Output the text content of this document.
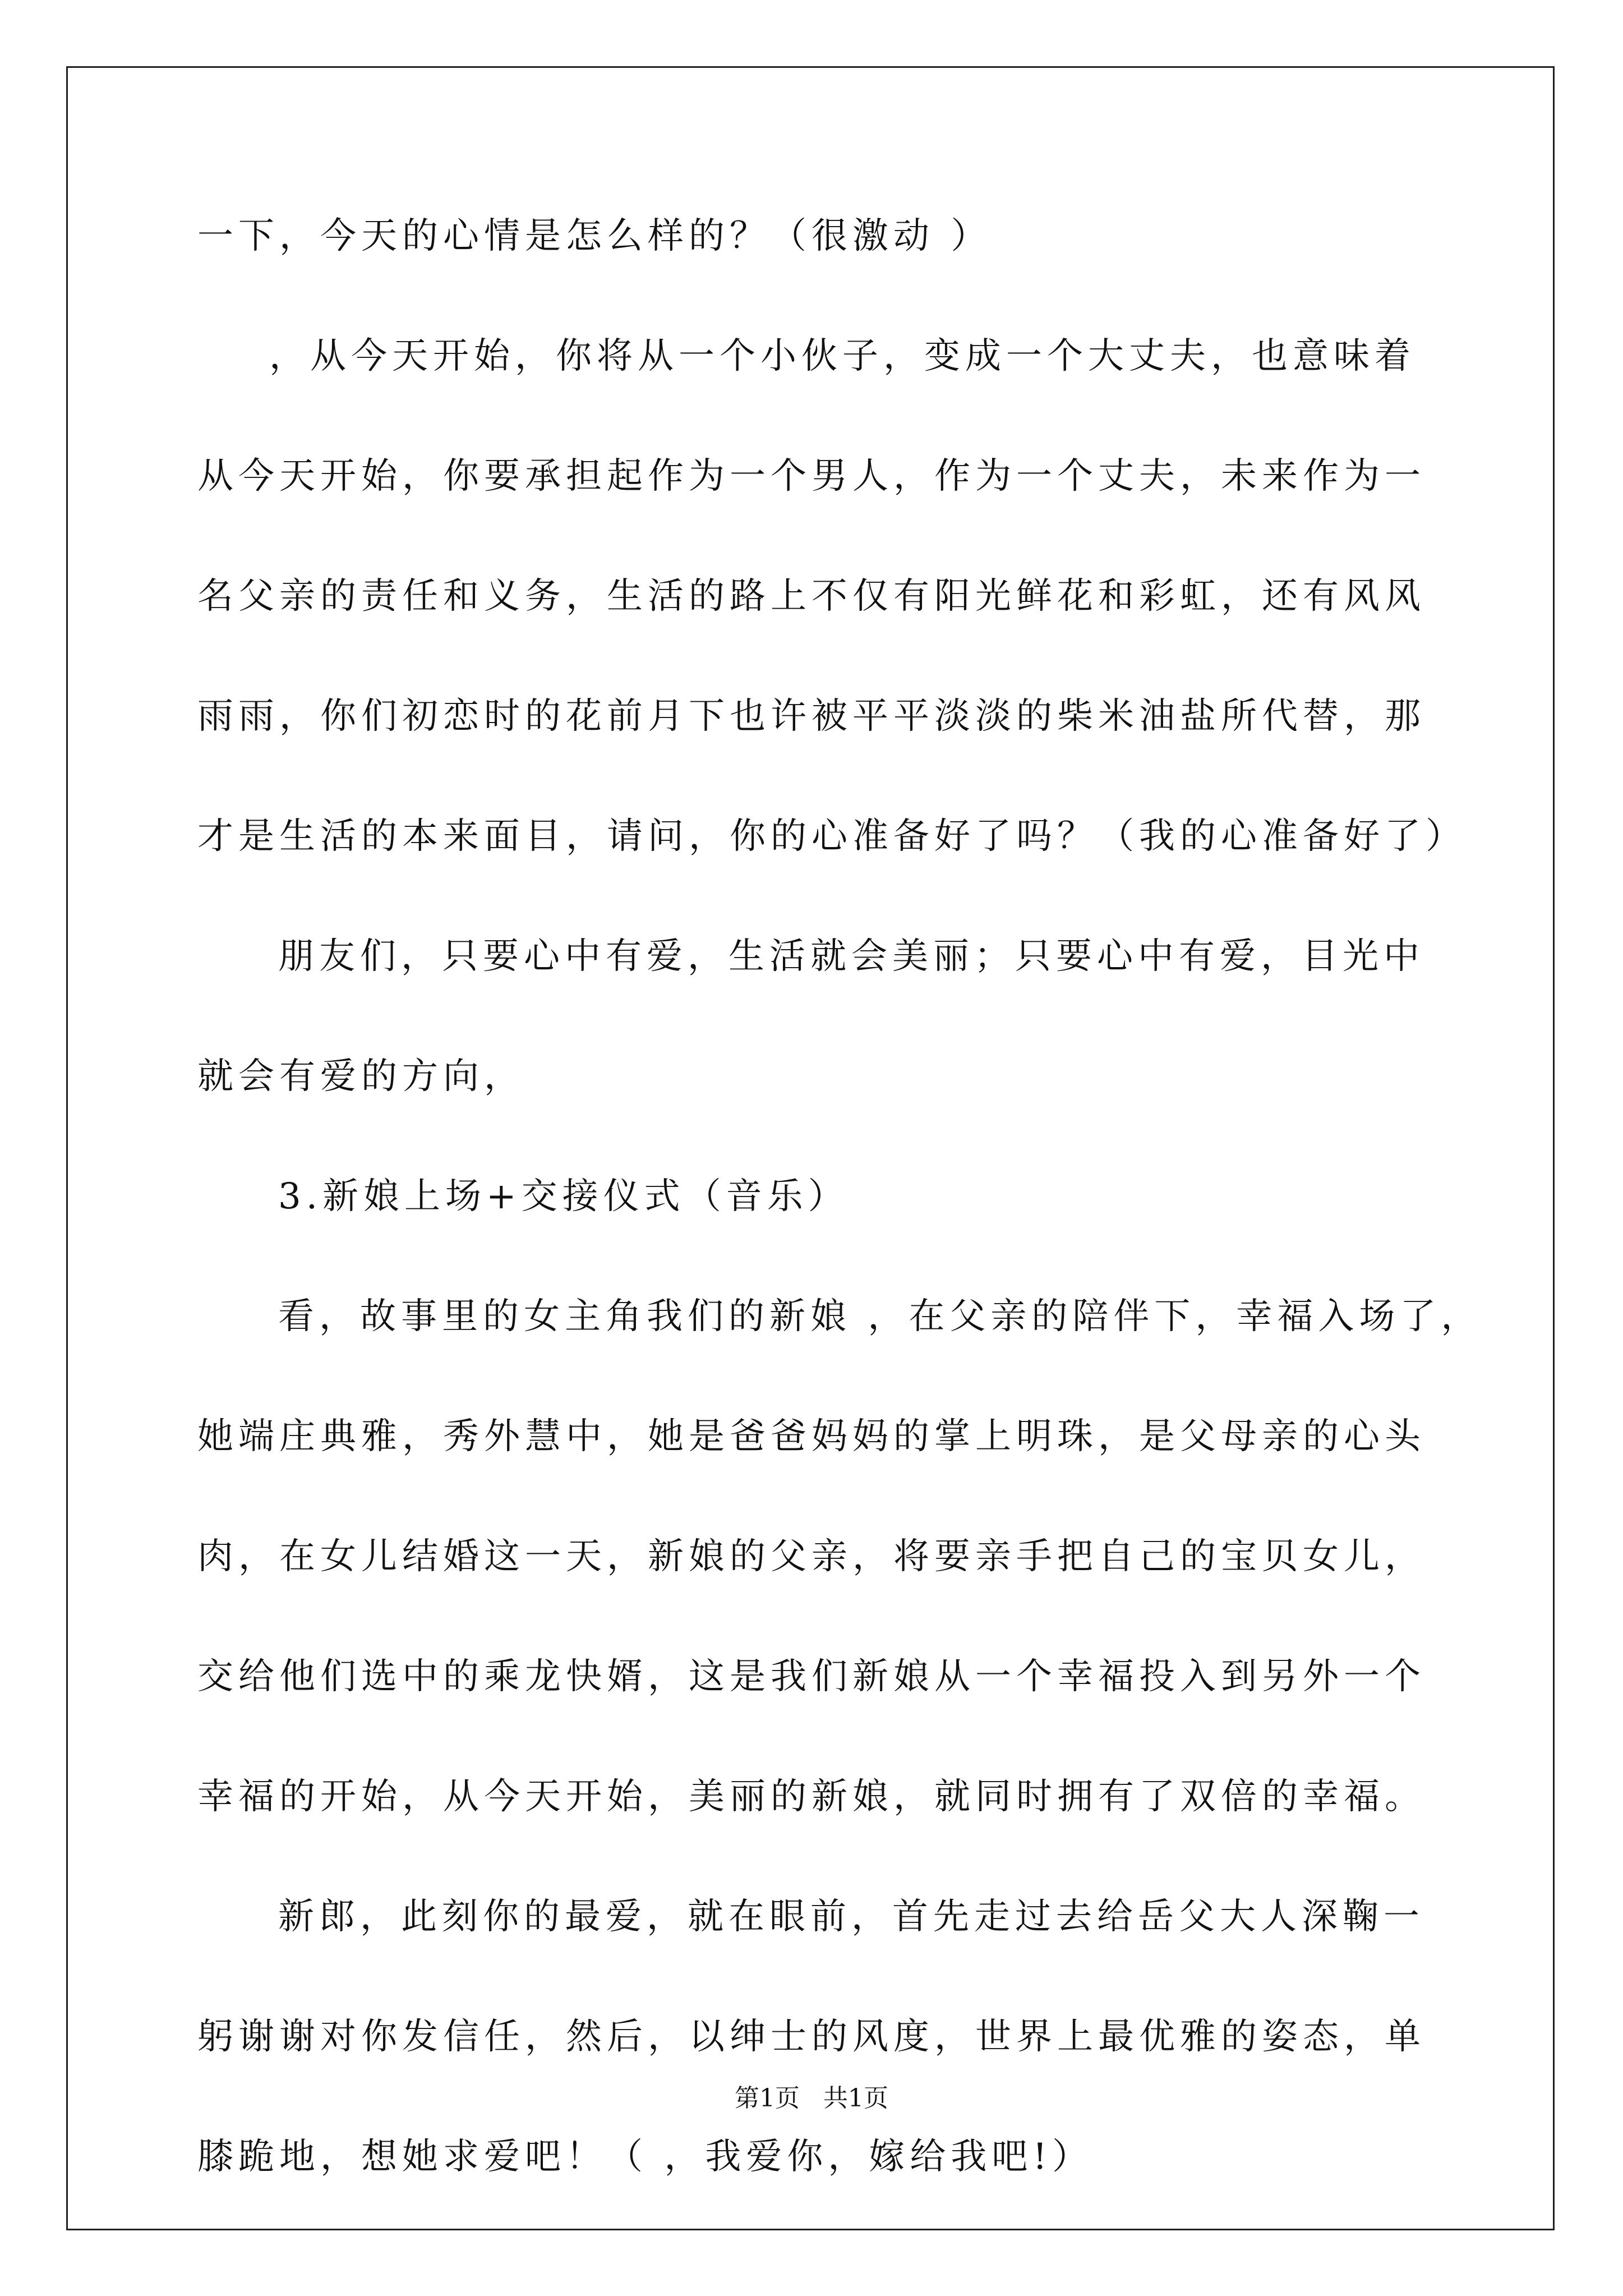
一下，今天的心情是怎么样的？（很激动 ）
，从今天开始，你将从一个小伙子，变成一个大丈夫，也意味着
从今天开始，你要承担起作为一个男人，作为一个丈夫，未来作为一
名父亲的责任和义务，生活的路上不仅有阳光鲜花和彩虹，还有风风
雨雨，你们初恋时的花前月下也许被平平淡淡的柴米油盐所代替，那
才是生活的本来面目，请问，你的心准备好了吗？（我的心准备好了）
朋友们，只要心中有爱，生活就会美丽；只要心中有爱，目光中
就会有爱的方向，
3.新娘上场+交接仪式（音乐）
看，故事里的女主角我们的新娘 ，在父亲的陪伴下，幸福入场了，
她端庄典雅，秀外慧中，她是爸爸妈妈的掌上明珠，是父母亲的心头
肉，在女儿结婚这一天，新娘的父亲，将要亲手把自己的宝贝女儿，
交给他们选中的乘龙快婿，这是我们新娘从一个幸福投入到另外一个
幸福的开始，从今天开始，美丽的新娘，就同时拥有了双倍的幸福。
新郎，此刻你的最爱，就在眼前，首先走过去给岳父大人深鞠一
躬谢谢对你发信任，然后，以绅士的风度，世界上最优雅的姿态，单
膝跪地，想她求爱吧！（ ，我爱你，嫁给我吧!）
第1页   共1页
